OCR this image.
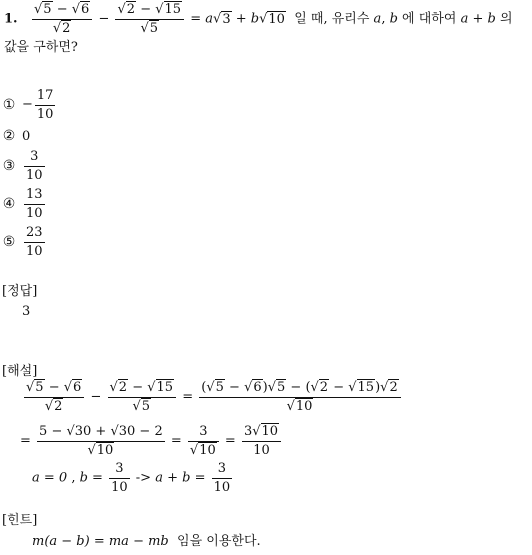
1. $\frac{√5 - √6}{√2} - \frac{√2 - √15}{√5} = a√3 + b√10$ 일 때, 유리수 a, b 에 대하여 a + b 의
값을 구하면?
① − $\frac{17}{10}$
② 0
③ $\frac{3}{10}$
④ $\frac{13}{10}$
⑤ $\frac{23}{10}$
[정답]
3
[해설]
$\frac{√5 - √6}{√2} - \frac{√2 - √15}{√5} = \frac{(√5 - √6)√5 - (√2 - √15)√2}{√10}$
= $\frac{5 - √30 + √30 - 2}{√10} = \frac{3}{√10} = \frac{3√10}{10}$
a = 0 , $b = \frac{3}{10} -> a + b = \frac{3}{10}$
[힌트]
m(a − b) = ma − mb 임을 이용한다.
